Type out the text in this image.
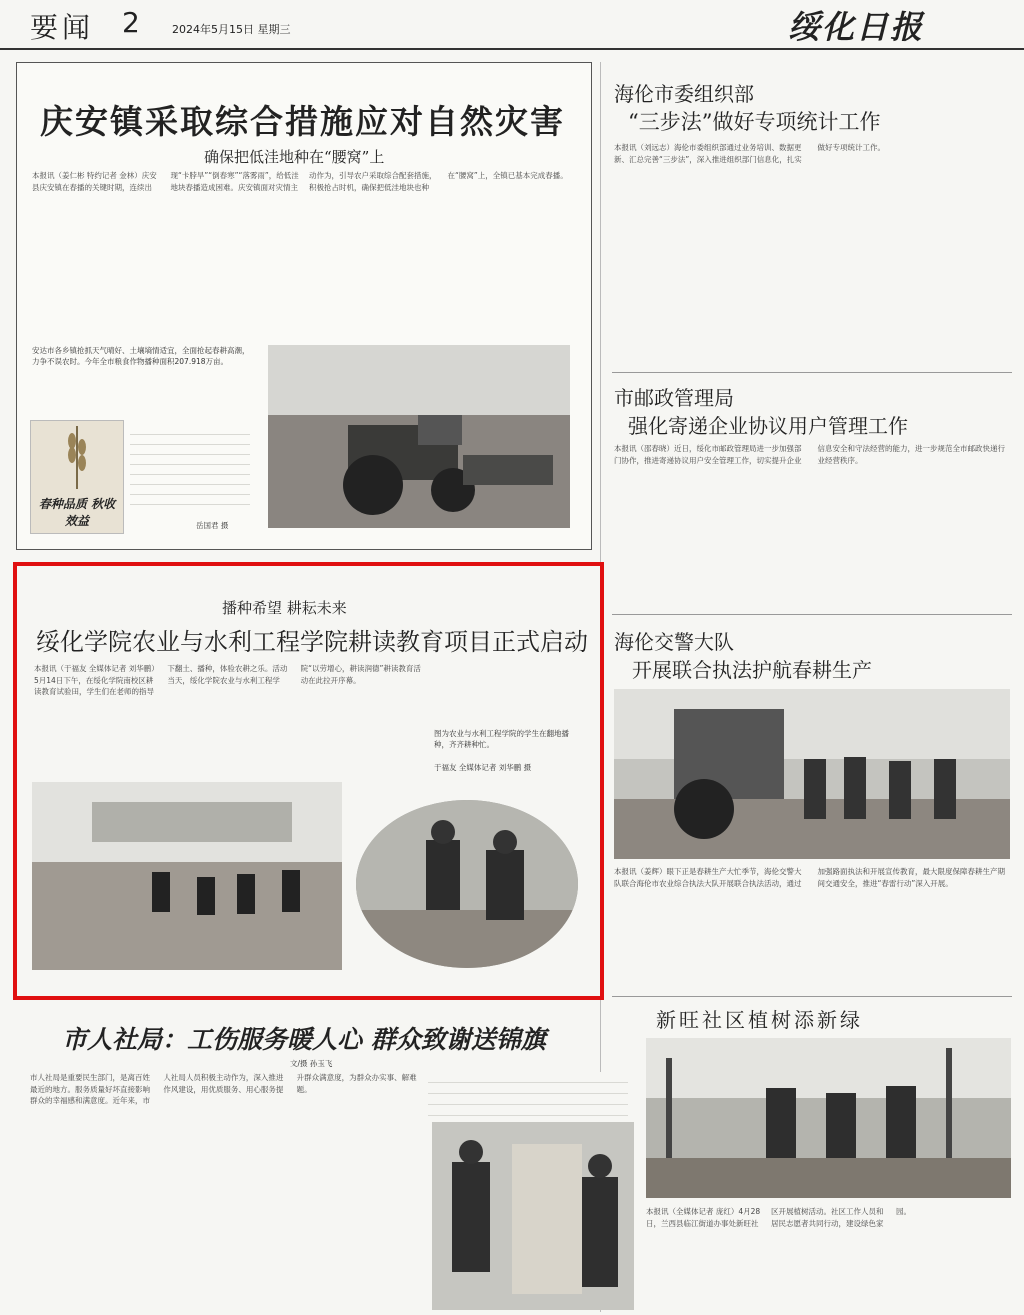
要闻 2	2024年5月15日 星期三	绥化日报
庆安镇采取综合措施应对自然灾害
确保把低洼地种在“腰窝”上
本报讯（姜仁彬 特约记者 金林）庆安县庆安镇在春播的关键时期，连续出现“卡脖旱”“倒春寒”“落雾雨”，给低洼地块春播造成困难。庆安镇面对灾情主动作为，引导农户采取综合配套措施，积极抢占时机，确保把低洼地块也种在“腰窝”上，全镇已基本完成春播。
安达市各乡镇抢抓天气晴好、土壤墒情适宜，全面抢起春耕高潮，力争不误农时。今年全市粮食作物播种面积207.918万亩。
春种品质 秋收效益	岳国君 摄
海伦市委组织部
“三步法”做好专项统计工作
本报讯（刘远志）海伦市委组织部通过业务培训、数据更新、汇总完善“三步法”，深入推进组织部门信息化，扎实做好专项统计工作。
市邮政管理局
强化寄递企业协议用户管理工作
本报讯（邵春晓）近日，绥化市邮政管理局进一步加强部门协作，推进寄递协议用户安全管理工作，切实提升企业信息安全和守法经营的能力，进一步规范全市邮政快递行业经营秩序。
播种希望 耕耘未来
绥化学院农业与水利工程学院耕读教育项目正式启动
本报讯（于福友 全媒体记者 刘华鹏）5月14日下午，在绥化学院南校区耕读教育试验田，学生们在老师的指导下翻土、播种，体验农耕之乐。活动当天，绥化学院农业与水利工程学院“以劳增心，耕读润德”耕读教育活动在此拉开序幕。
图为农业与水利工程学院的学生在翻地播种，齐齐耕种忙。
于福友 全媒体记者 刘华鹏 摄
海伦交警大队
开展联合执法护航春耕生产
本报讯（姜辉）眼下正是春耕生产大忙季节，海伦交警大队联合海伦市农业综合执法大队开展联合执法活动，通过加强路面执法和开展宣传教育，最大限度保障春耕生产期间交通安全，推进“春雷行动”深入开展。
新旺社区植树添新绿
本报讯（全媒体记者 庞红）4月28日，兰西县临江街道办事处新旺社区开展植树活动。社区工作人员和居民志愿者共同行动，建设绿色家园。
市人社局：工伤服务暖人心 群众致谢送锦旗
文/摄 孙玉飞
市人社局是重要民生部门，是离百姓最近的地方。服务质量好坏直接影响群众的幸福感和满意度。近年来，市人社局人员积极主动作为，深入推进作风建设，用优质服务、用心服务提升群众满意度，为群众办实事、解难题。
